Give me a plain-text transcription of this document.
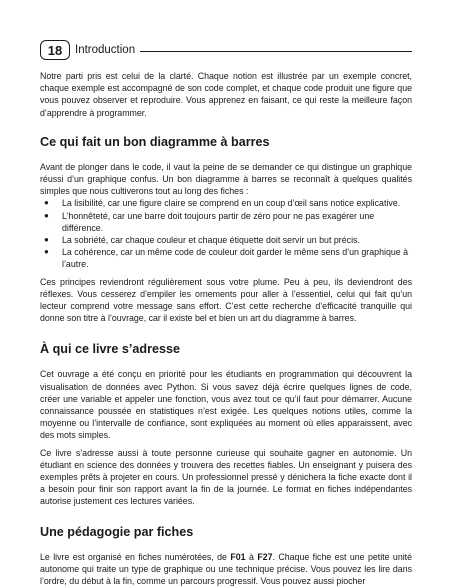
18	Introduction

Notre parti pris est celui de la clarté. Chaque notion est illustrée par un exemple concret, chaque exemple est accompagné de son code complet, et chaque code produit une figure que vous pouvez observer et reproduire. Vous apprenez en faisant, ce qui reste la meilleure façon d’apprendre à programmer.

Ce qui fait un bon diagramme à barres

Avant de plonger dans le code, il vaut la peine de se demander ce qui distingue un graphique réussi d’un graphique confus. Un bon diagramme à barres se reconnaît à quelques qualités simples que nous cultiverons tout au long des fiches :

● La lisibilité, car une figure claire se comprend en un coup d’œil sans notice explicative.
● L’honnêteté, car une barre doit toujours partir de zéro pour ne pas exagérer une différence.
● La sobriété, car chaque couleur et chaque étiquette doit servir un but précis.
● La cohérence, car un même code de couleur doit garder le même sens d’un graphique à l’autre.

Ces principes reviendront régulièrement sous votre plume. Peu à peu, ils deviendront des réflexes. Vous cesserez d’empiler les ornements pour aller à l’essentiel, celui qui fait qu’un lecteur comprend votre message sans effort. C’est cette recherche d’efficacité tranquille qui donne son titre à l’ouvrage, car il existe bel et bien un art du diagramme à barres.

À qui ce livre s’adresse

Cet ouvrage a été conçu en priorité pour les étudiants en programmation qui découvrent la visualisation de données avec Python. Si vous savez déjà écrire quelques lignes de code, créer une variable et appeler une fonction, vous avez tout ce qu’il faut pour démarrer. Aucune connaissance poussée en statistiques n’est exigée. Les quelques notions utiles, comme la moyenne ou l’intervalle de confiance, sont expliquées au moment où elles apparaissent, avec des mots simples.

Ce livre s’adresse aussi à toute personne curieuse qui souhaite gagner en autonomie. Un étudiant en science des données y trouvera des recettes fiables. Un enseignant y puisera des exemples prêts à projeter en cours. Un professionnel pressé y dénichera la fiche exacte dont il a besoin pour finir son rapport avant la fin de la journée. Le format en fiches indépendantes autorise justement ces lectures variées.

Une pédagogie par fiches

Le livre est organisé en fiches numérotées, de F01 à F27. Chaque fiche est une petite unité autonome qui traite un type de graphique ou une technique précise. Vous pouvez les lire dans l’ordre, du début à la fin, comme un parcours progressif. Vous pouvez aussi piocher
